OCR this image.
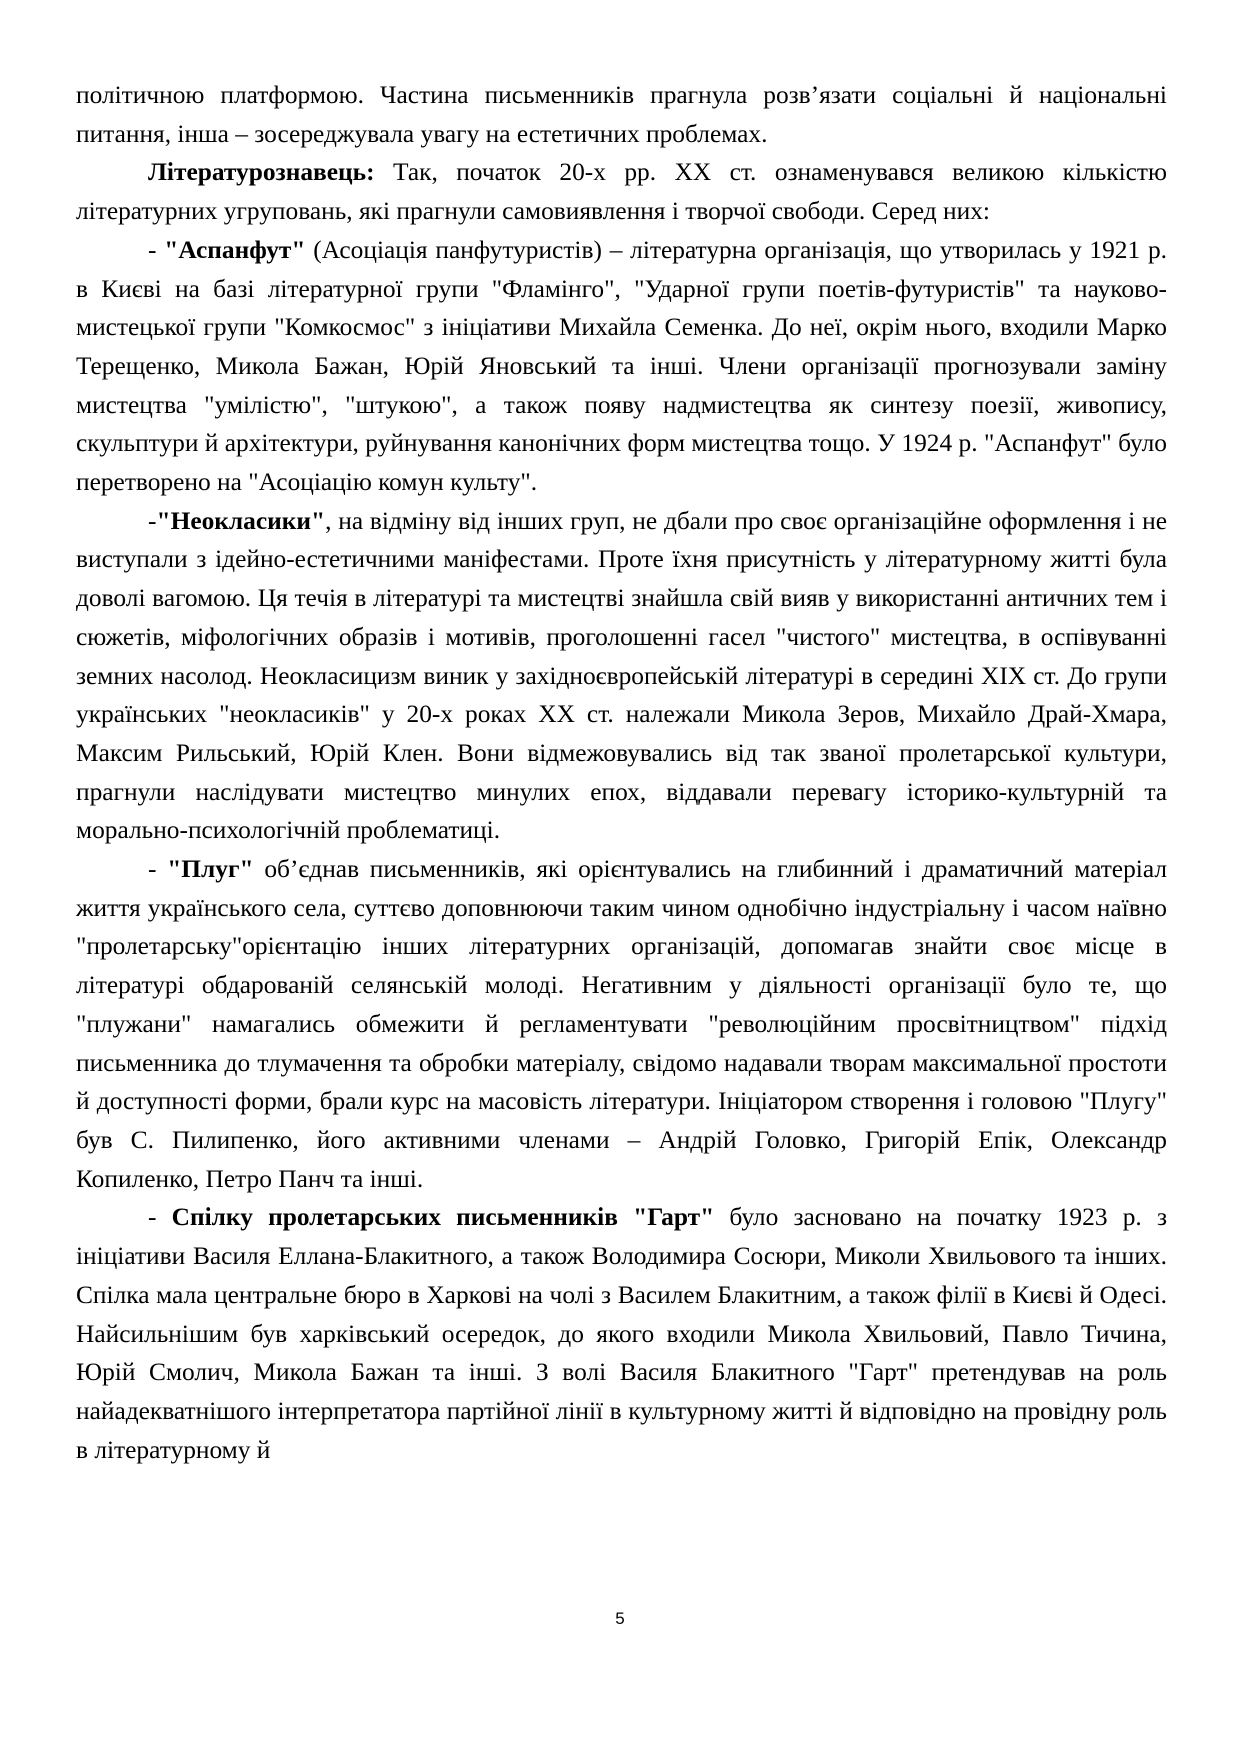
політичною платформою. Частина письменників прагнула розв’язати соціальні й національні питання, інша – зосереджувала увагу на естетичних проблемах.

Літературознавець: Так, початок 20-х рр. XX ст. ознаменувався великою кількістю літературних угруповань, які прагнули самовиявлення і творчої свободи. Серед них:

- "Аспанфут" (Асоціація панфутуристів) – літературна організація, що утворилась у 1921 р. в Києві на базі літературної групи "Фламінго", "Ударної групи поетів-футуристів" та науково-мистецької групи "Комкосмос" з ініціативи Михайла Семенка. До неї, окрім нього, входили Марко Терещенко, Микола Бажан, Юрій Яновський та інші. Члени організації прогнозували заміну мистецтва "умілістю", "штукою", а також появу надмистецтва як синтезу поезії, живопису, скульптури й архітектури, руйнування канонічних форм мистецтва тощо. У 1924 р. "Аспанфут" було перетворено на "Асоціацію комун культу".

-"Неокласики", на відміну від інших груп, не дбали про своє організаційне оформлення і не виступали з ідейно-естетичними маніфестами. Проте їхня присутність у літературному житті була доволі вагомою. Ця течія в літературі та мистецтві знайшла свій вияв у використанні античних тем і сюжетів, міфологічних образів і мотивів, проголошенні гасел "чистого" мистецтва, в оспівуванні земних насолод. Неокласицизм виник у західноєвропейській літературі в середині XIX ст. До групи українських "неокласиків" у 20-х роках XX ст. належали Микола Зеров, Михайло Драй-Хмара, Максим Рильський, Юрій Клен. Вони відмежовувались від так званої пролетарської культури, прагнули наслідувати мистецтво минулих епох, віддавали перевагу історико-культурній та морально-психологічній проблематиці.

- "Плуг" об’єднав письменників, які орієнтувались на глибинний і драматичний матеріал життя українського села, суттєво доповнюючи таким чином однобічно індустріальну і часом наївно "пролетарську"орієнтацію інших літературних організацій, допомагав знайти своє місце в літературі обдарованій селянській молоді. Негативним у діяльності організації було те, що "плужани" намагались обмежити й регламентувати "революційним просвітництвом" підхід письменника до тлумачення та обробки матеріалу, свідомо надавали творам максимальної простоти й доступності форми, брали курс на масовість літератури. Ініціатором створення і головою "Плугу" був С. Пилипенко, його активними членами – Андрій Головко, Григорій Епік, Олександр Копиленко, Петро Панч та інші.

- Спілку пролетарських письменників "Гарт" було засновано на початку 1923 р. з ініціативи Василя Еллана-Блакитного, а також Володимира Сосюри, Миколи Хвильового та інших. Спілка мала центральне бюро в Харкові на чолі з Василем Блакитним, а також філії в Києві й Одесі. Найсильнішим був харківський осередок, до якого входили Микола Хвильовий, Павло Тичина, Юрій Смолич, Микола Бажан та інші. З волі Василя Блакитного "Гарт" претендував на роль найадекватнішого інтерпретатора партійної лінії в культурному житті й відповідно на провідну роль в літературному й

5
